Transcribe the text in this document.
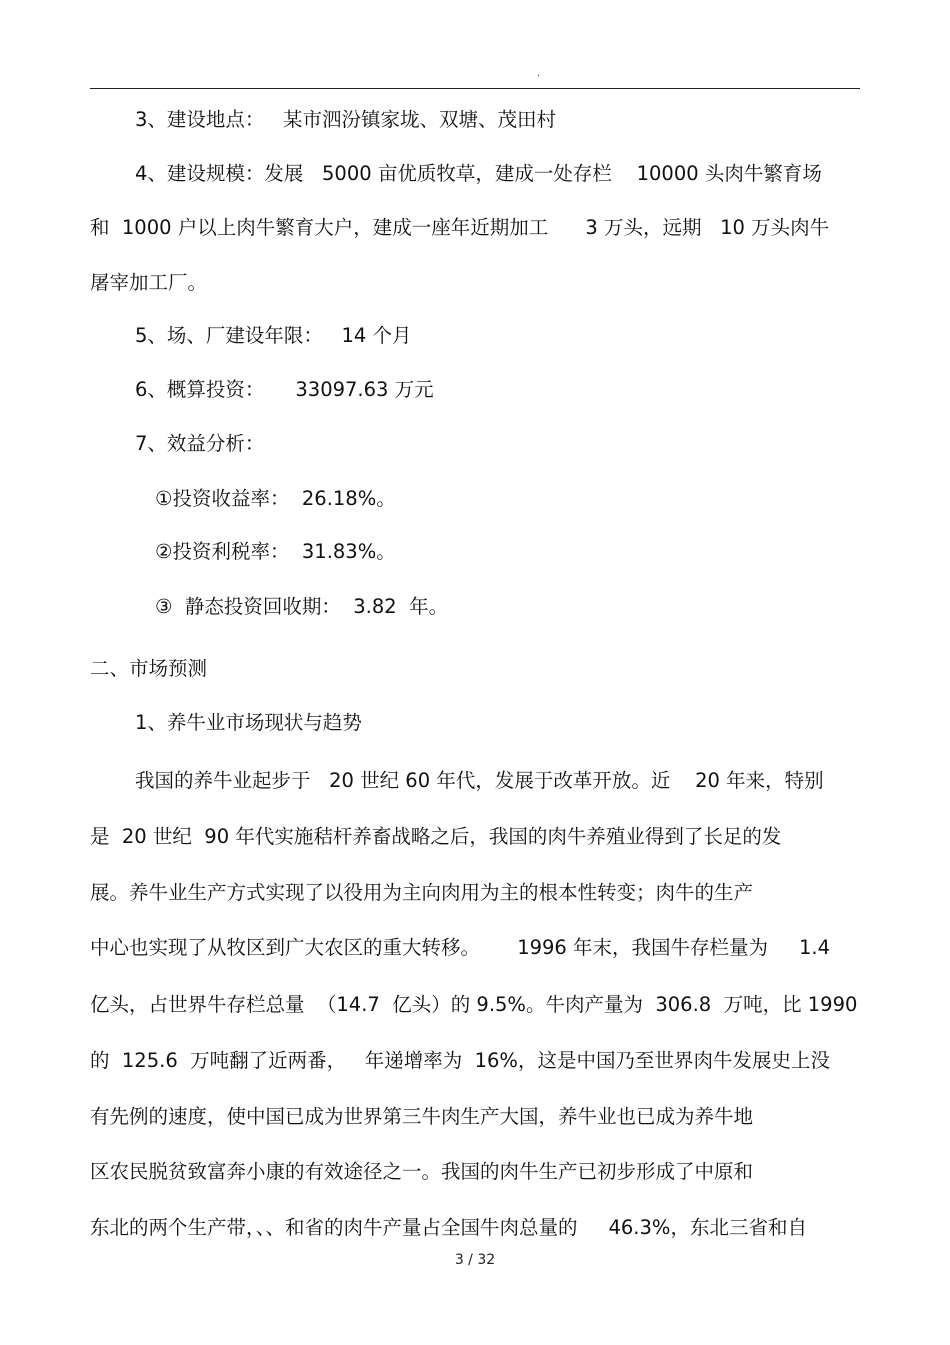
.
3、建设地点：   某市泗汾镇家垅、双塘、茂田村
4、建设规模：发展   5000 亩优质牧草，建成一处存栏    10000 头肉牛繁育场
和  1000 户以上肉牛繁育大户，建成一座年近期加工      3 万头，远期   10 万头肉牛
屠宰加工厂。
5、场、厂建设年限：   14 个月
6、概算投资：     33097.63 万元
7、效益分析：
①投资收益率：  26.18%。
②投资利税率：  31.83%。
③  静态投资回收期：  3.82  年。
二、市场预测
1、养牛业市场现状与趋势
我国的养牛业起步于   20 世纪 60 年代，发展于改革开放。近    20 年来，特别
是  20 世纪  90 年代实施秸杆养畜战略之后，我国的肉牛养殖业得到了长足的发
展。养牛业生产方式实现了以役用为主向肉用为主的根本性转变；肉牛的生产
中心也实现了从牧区到广大农区的重大转移。      1996 年末，我国牛存栏量为     1.4
亿头，占世界牛存栏总量  （14.7  亿头）的 9.5%。牛肉产量为  306.8  万吨，比 1990
的  125.6  万吨翻了近两番，   年递增率为  16%，这是中国乃至世界肉牛发展史上没
有先例的速度，使中国已成为世界第三牛肉生产大国，养牛业也已成为养牛地
区农民脱贫致富奔小康的有效途径之一。我国的肉牛生产已初步形成了中原和
东北的两个生产带，、、和省的肉牛产量占全国牛肉总量的     46.3%，东北三省和自
3 / 32
